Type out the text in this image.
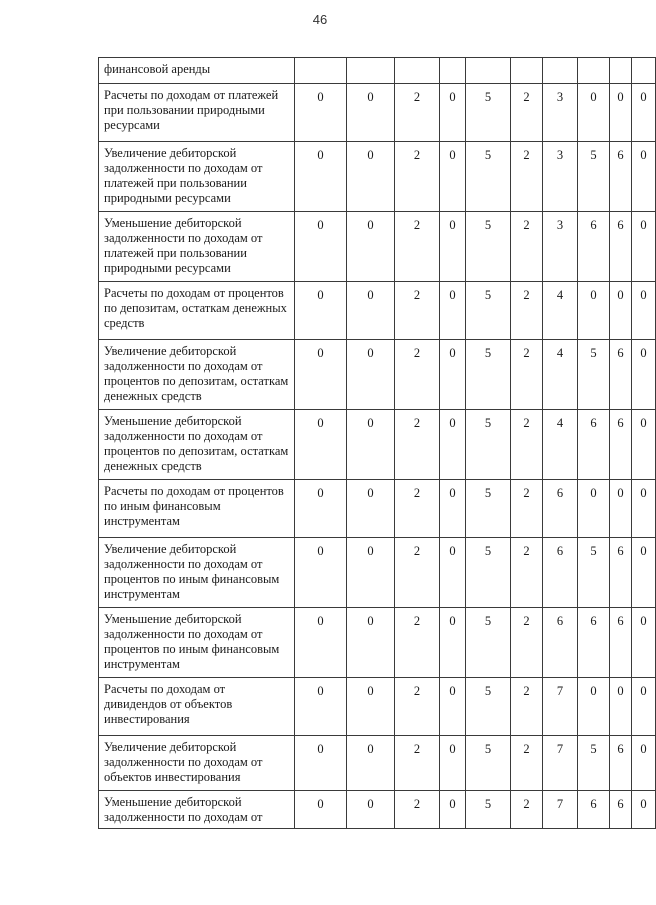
46
финансовой аренды										
Расчеты по доходам от платежей при пользовании природными ресурсами	0	0	2	0	5	2	3	0	0	0
Увеличение дебиторской задолженности по доходам от платежей при пользовании природными ресурсами	0	0	2	0	5	2	3	5	6	0
Уменьшение дебиторской задолженности по доходам от платежей при пользовании природными ресурсами	0	0	2	0	5	2	3	6	6	0
Расчеты по доходам от процентов по депозитам, остаткам денежных средств	0	0	2	0	5	2	4	0	0	0
Увеличение дебиторской задолженности по доходам от процентов по депозитам, остаткам денежных средств	0	0	2	0	5	2	4	5	6	0
Уменьшение дебиторской задолженности по доходам от процентов по депозитам, остаткам денежных средств	0	0	2	0	5	2	4	6	6	0
Расчеты по доходам от процентов по иным финансовым инструментам	0	0	2	0	5	2	6	0	0	0
Увеличение дебиторской задолженности по доходам от процентов по иным финансовым инструментам	0	0	2	0	5	2	6	5	6	0
Уменьшение дебиторской задолженности по доходам от процентов по иным финансовым инструментам	0	0	2	0	5	2	6	6	6	0
Расчеты по доходам от дивидендов от объектов инвестирования	0	0	2	0	5	2	7	0	0	0
Увеличение дебиторской задолженности по доходам от объектов инвестирования	0	0	2	0	5	2	7	5	6	0
Уменьшение дебиторской задолженности по доходам от	0	0	2	0	5	2	7	6	6	0
